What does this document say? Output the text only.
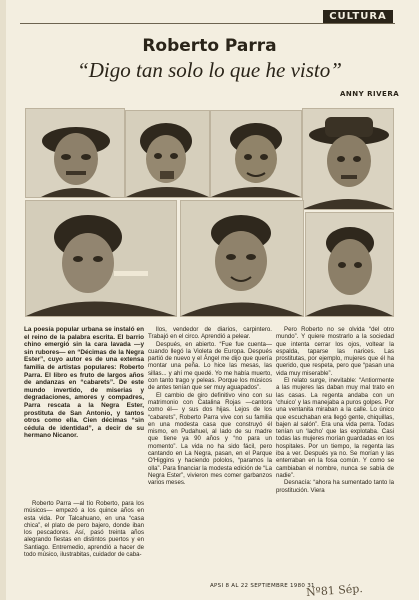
CULTURA
Roberto Parra
“Digo tan solo lo que he visto”
ANNY RIVERA
La poesía popular urbana se instaló en el reino de la palabra escrita. El barrio chino emergió sin la cara lavada —y sin rubores— en “Décimas de la Negra Ester”, cuyo autor es de una extensa familia de artistas populares: Roberto Parra. El libro es fruto de largos años de andanzas en “cabarets”. De este mundo invertido, de miserias y degradaciones, amores y compadres, Parra rescata a la Negra Ester, prostituta de San Antonio, y tantos otros como ella. Cien décimas “sin cédula de identidad”, a decir de su hermano Nicanor.

Roberto Parra —al tío Roberto, para los músicos— empezó a los quince años en esta vida. Por Talcahuano, en una “casa chica”, el plato de pero bajero, donde iban los pescadores. Así, pasó treinta años alegrando fiestas en distintos puertos y en Santiago. Entremedio, aprendió a hacer de todo músico, ilustrabitas, cuidador de caba-

llos, vendedor de diarios, carpintero. Trabajó en el circo. Aprendió a pelear.

Después, en abierto. “Fue fue cuenta— cuando llegó la Violeta de Europa. Después partió de nuevo y el Ángel me dijo que quería montar una peña. Lo hice las mesas, las sillas... y ahí me quedé. Yo me había muerto, con tanto trago y peleas. Porque los músicos de antes tenían que ser muy aguapados”.

El cambio de giro definitivo vino con su matrimonio con Catalina Rojas —cantora como él— y sus dos hijas. Lejos de los “cabarets”, Roberto Parra vive con su familia en una modesta casa que construyó él mismo, en Pudahuel, al lado de su madre que tiene ya 90 años y “no para un momento”. La vida no ha sido fácil, pero cantando en La Negra, pasan, en el Parque O'Higgins y haciendo pololos, “paramos la olla”. Para financiar la modesta edición de “La Negra Ester”, vivieron mes comer garbanzos varios meses.

Pero Roberto no se olvida “del otro mundo”. Y quiere mostrarlo a la sociedad que intenta cerrar los ojos, voltear la espalda, taparse las narices. Las prostitutas, por ejemplo, mujeres que él ha querido, que respeta, pero que “pasan una vida muy miserable”.

El relato surge, inevitable: “Antiormente a las mujeres las daban muy mal trato en las casas. La regenta andaba con un ‘chuico’ y las manejaba a puros golpes. Por una ventanita miraban a la calle. Lo único que escuchaban era llegó gente, chiquillas, bajen al salón”. Era una vida perra. Todas tenían un ‘lacho’ que las explotaba. Casi todas las mujeres morían guardadas en los hospitales. Por un tiempo, la regenta las iba a ver. Después ya no. Se morían y las enterraban en la fosa común. Y como se cambiaban el nombre, nunca se sabía de nadie”.

Desnacía: “ahora ha sumentado tanto la prostitución. Viera

APSI 8 AL 22 SEPTIEMBRE 1980 31
Nº81 Sép.
